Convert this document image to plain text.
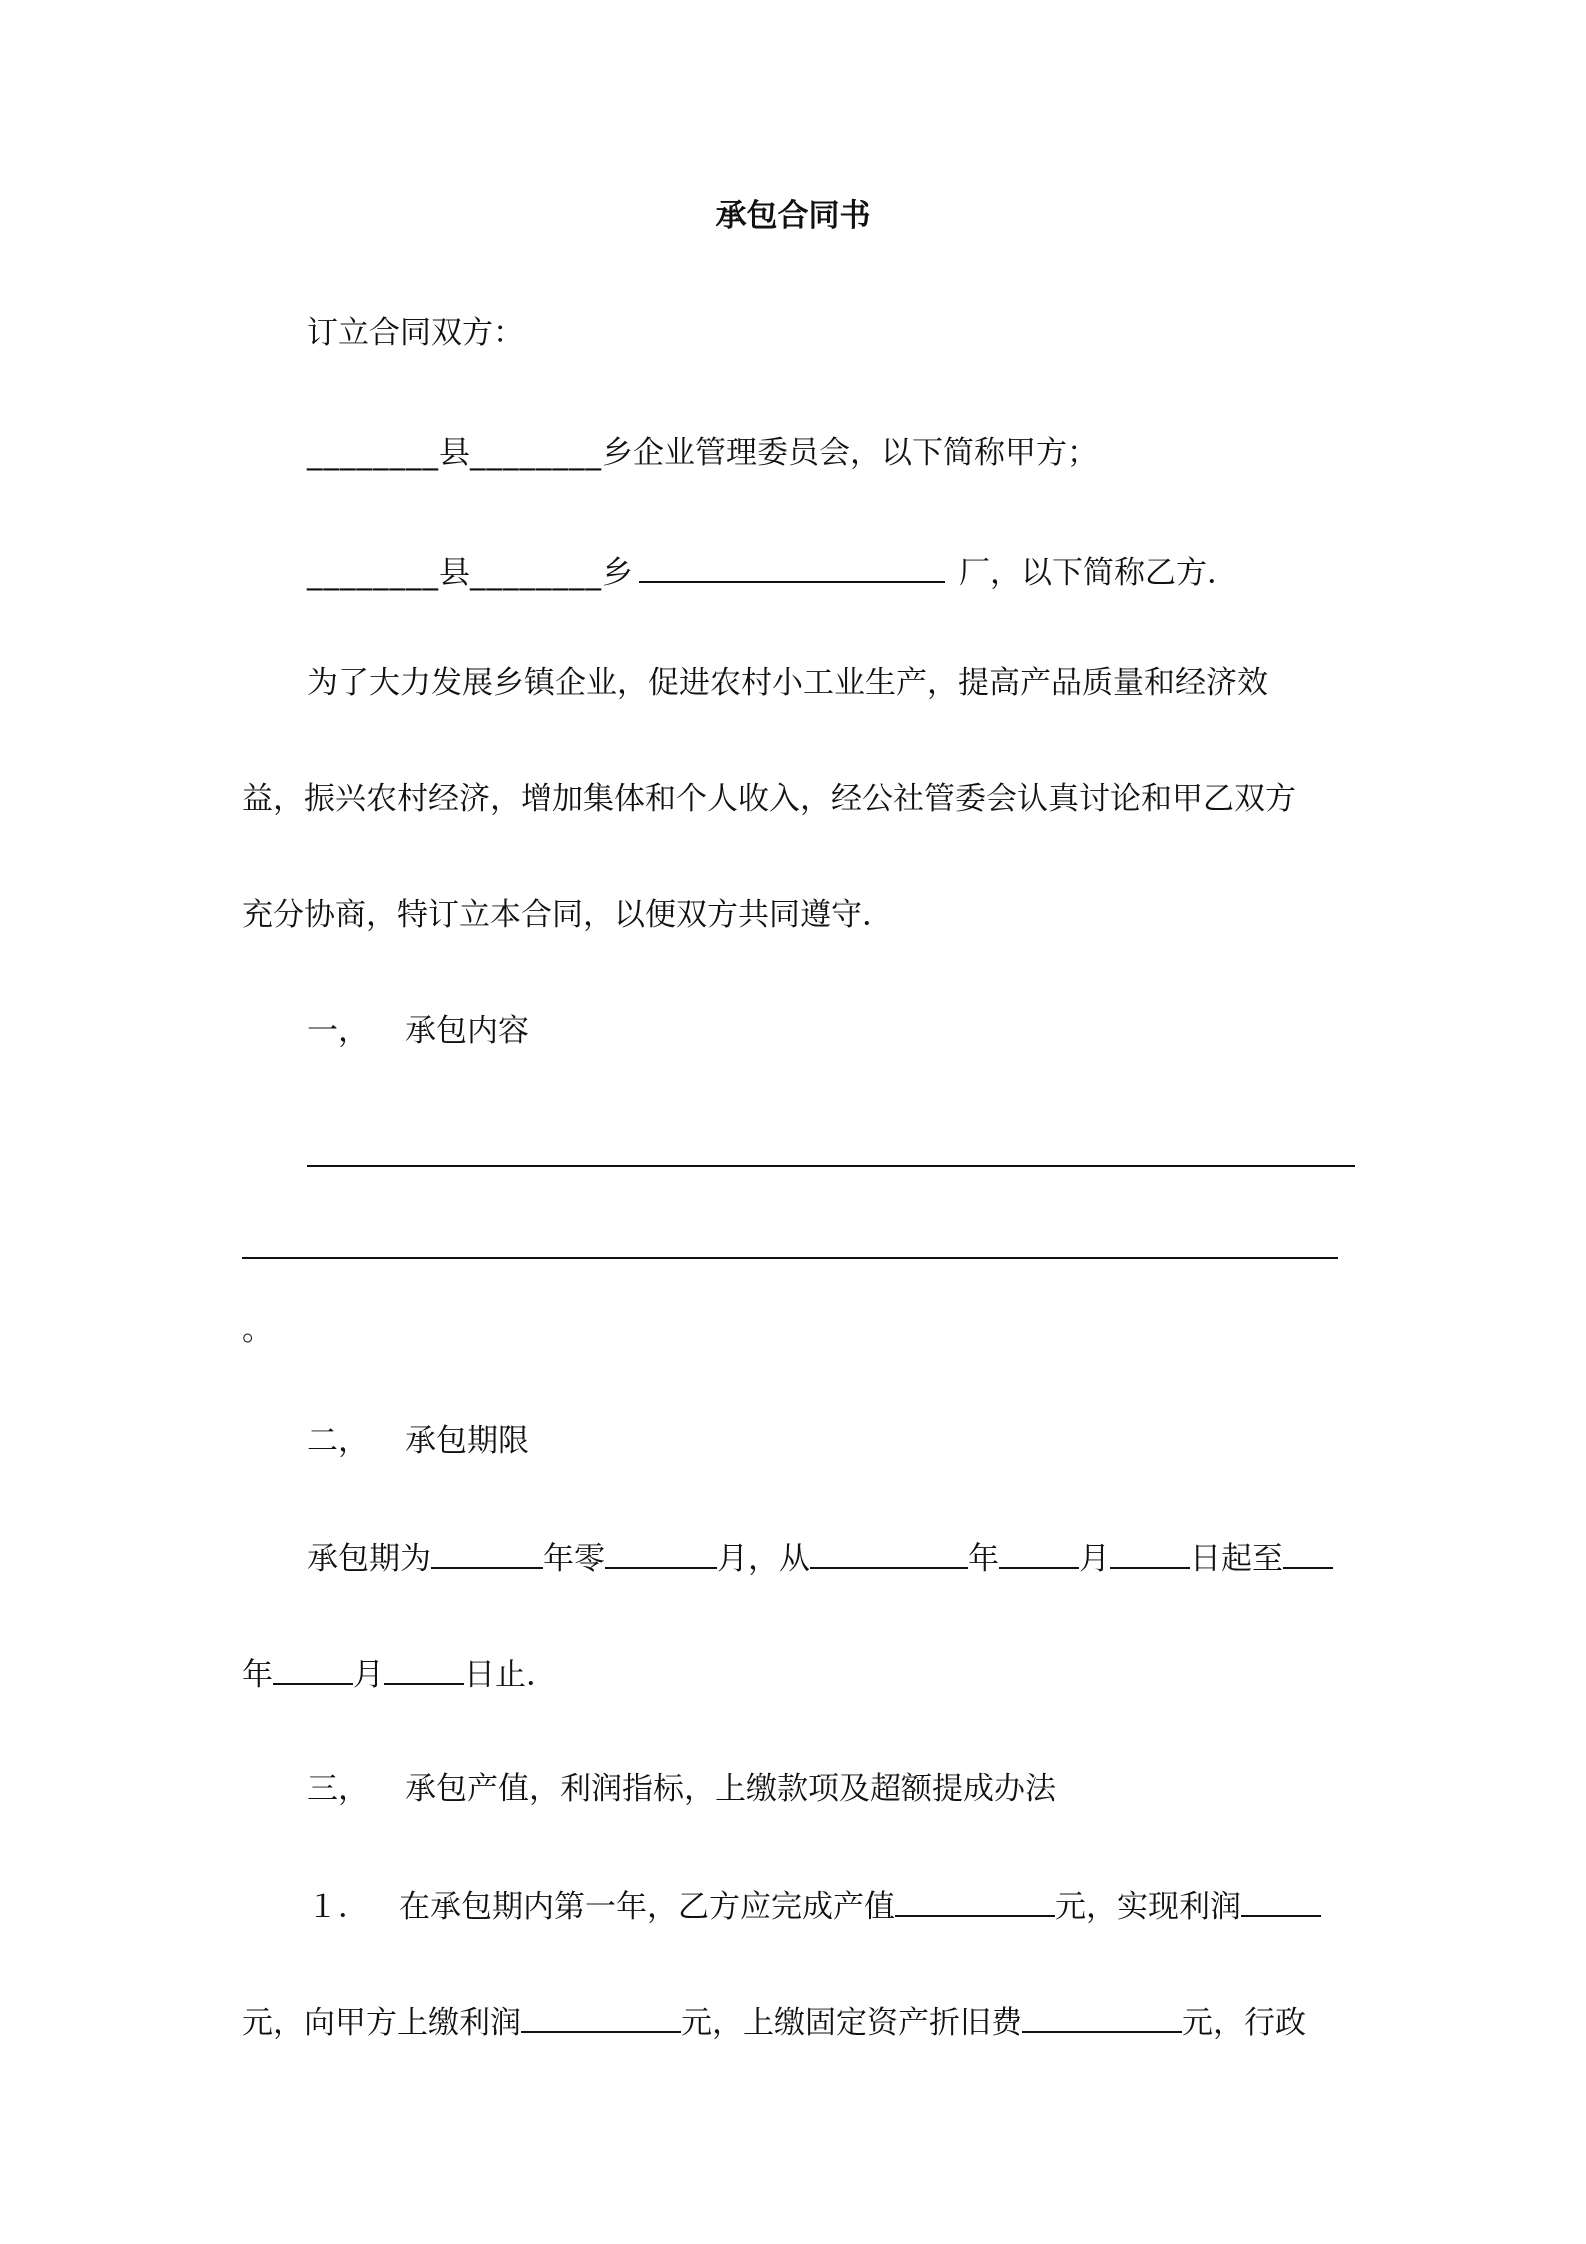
承包合同书
订立合同双方：
________县________乡企业管理委员会，以下简称甲方；
________县________乡	厂，以下简称乙方．
为了大力发展乡镇企业，促进农村小工业生产，提高产品质量和经济效
益，振兴农村经济，增加集体和个人收入，经公社管委会认真讨论和甲乙双方
充分协商，特订立本合同，以便双方共同遵守．
一， 承包内容
。
二， 承包期限
承包期为	年零	月，从	年	月	日起至
年	月	日止．
三， 承包产值，利润指标，上缴款项及超额提成办法
１． 在承包期内第一年，乙方应完成产值	元，实现利润
元，向甲方上缴利润	元，上缴固定资产折旧费	元，行政
